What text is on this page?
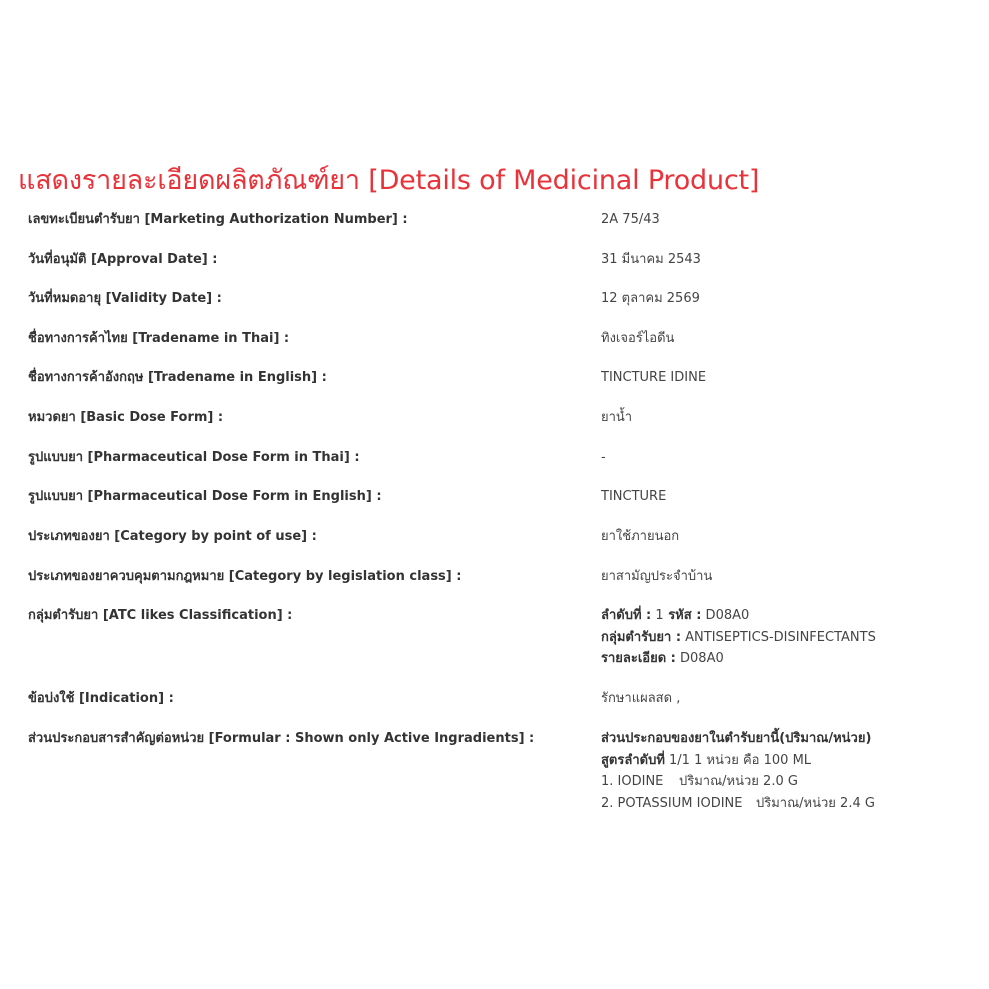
แสดงรายละเอียดผลิตภัณฑ์ยา [Details of Medicinal Product]
เลขทะเบียนตำรับยา [Marketing Authorization Number] :	2A 75/43
วันที่อนุมัติ [Approval Date] :	31 มีนาคม 2543
วันที่หมดอายุ [Validity Date] :	12 ตุลาคม 2569
ชื่อทางการค้าไทย [Tradename in Thai] :	ทิงเจอร์ไอดีน
ชื่อทางการค้าอังกฤษ [Tradename in English] :	TINCTURE IDINE
หมวดยา [Basic Dose Form] :	ยาน้ำ
รูปแบบยา [Pharmaceutical Dose Form in Thai] :	-
รูปแบบยา [Pharmaceutical Dose Form in English] :	TINCTURE
ประเภทของยา [Category by point of use] :	ยาใช้ภายนอก
ประเภทของยาควบคุมตามกฎหมาย [Category by legislation class] :	ยาสามัญประจำบ้าน
กลุ่มตำรับยา [ATC likes Classification] :	ลำดับที่ : 1 รหัส : D08A0
กลุ่มตำรับยา : ANTISEPTICS-DISINFECTANTS
รายละเอียด : D08A0
ข้อบ่งใช้ [Indication] :	รักษาแผลสด ,
ส่วนประกอบสารสำคัญต่อหน่วย [Formular : Shown only Active Ingradients] :	ส่วนประกอบของยาในตำรับยานี้(ปริมาณ/หน่วย)
สูตรลำดับที่ 1/1 1 หน่วย คือ 100 ML
1. IODINE ปริมาณ/หน่วย 2.0 G
2. POTASSIUM IODINE ปริมาณ/หน่วย 2.4 G
